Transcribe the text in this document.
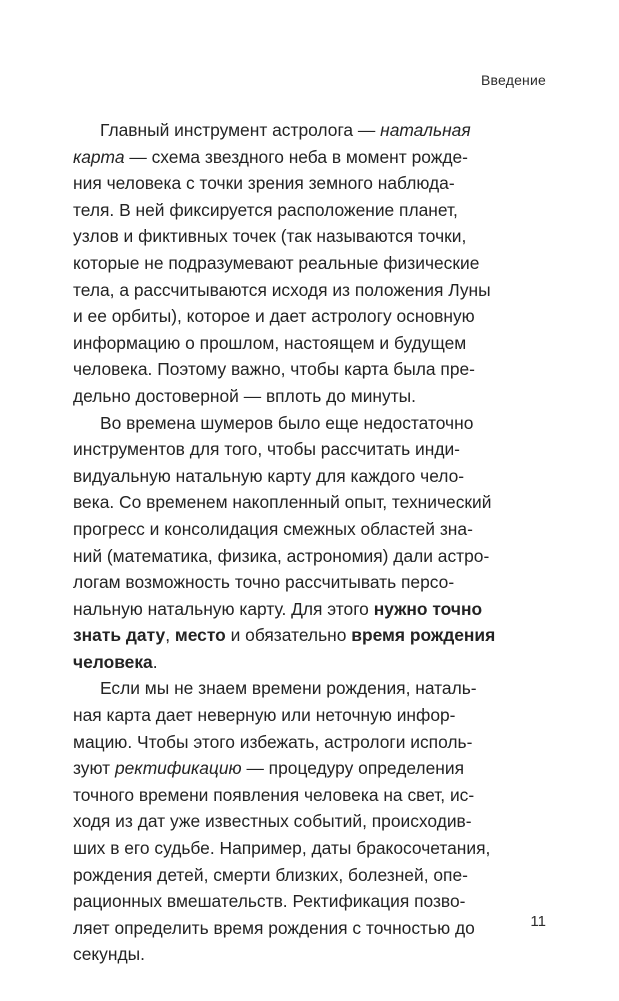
Введение
Главный инструмент астролога — натальная
карта — схема звездного неба в момент рожде-
ния человека с точки зрения земного наблюда-
теля. В ней фиксируется расположение планет,
узлов и фиктивных точек (так называются точки,
которые не подразумевают реальные физические
тела, а рассчитываются исходя из положения Луны
и ее орбиты), которое и дает астрологу основную
информацию о прошлом, настоящем и будущем
человека. Поэтому важно, чтобы карта была пре-
дельно достоверной — вплоть до минуты.
Во времена шумеров было еще недостаточно
инструментов для того, чтобы рассчитать инди-
видуальную натальную карту для каждого чело-
века. Со временем накопленный опыт, технический
прогресс и консолидация смежных областей зна-
ний (математика, физика, астрономия) дали астро-
логам возможность точно рассчитывать персо-
нальную натальную карту. Для этого нужно точно
знать дату, место и обязательно время рождения
человека.
Если мы не знаем времени рождения, наталь-
ная карта дает неверную или неточную инфор-
мацию. Чтобы этого избежать, астрологи исполь-
зуют ректификацию — процедуру определения
точного времени появления человека на свет, ис-
ходя из дат уже известных событий, происходив-
ших в его судьбе. Например, даты бракосочетания,
рождения детей, смерти близких, болезней, опе-
рационных вмешательств. Ректификация позво-
ляет определить время рождения с точностью до
секунды.
11
